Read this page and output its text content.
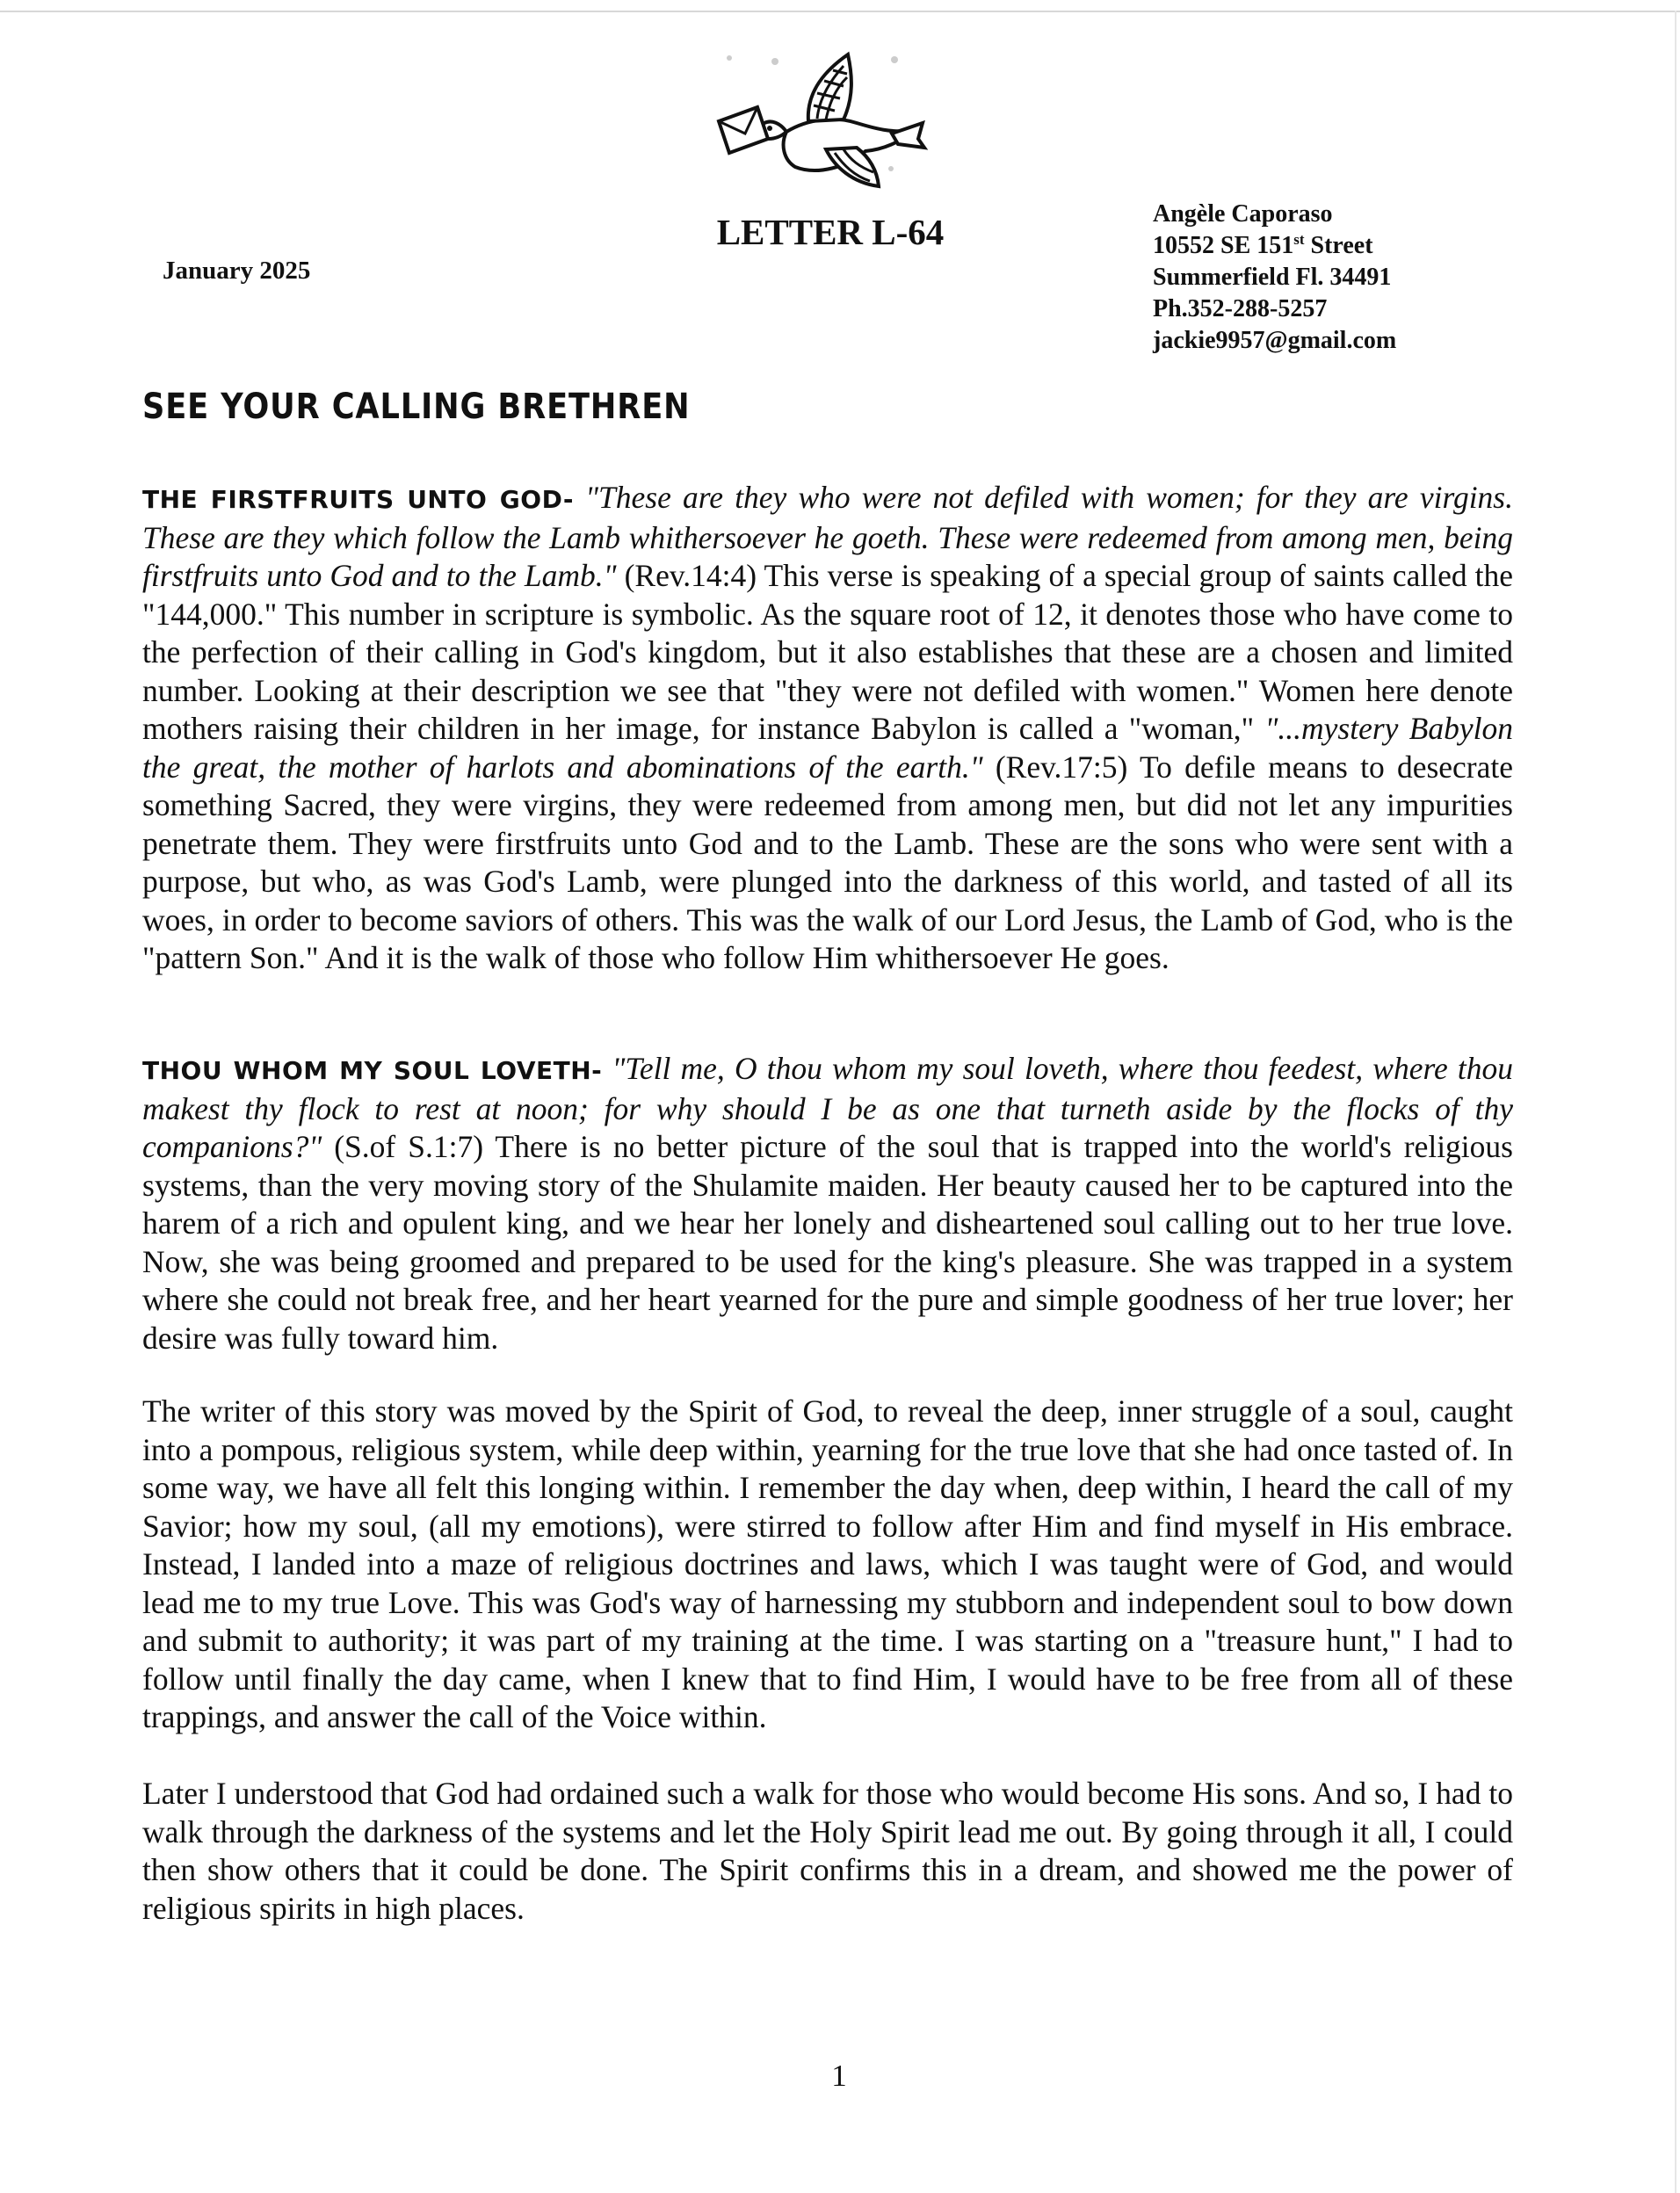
LETTER L-64
January 2025
Angèle Caporaso
10552 SE 151st Street
Summerfield Fl. 34491
Ph.352-288-5257
jackie9957@gmail.com
SEE YOUR CALLING BRETHREN
THE FIRSTFRUITS UNTO GOD- "These are they who were not defiled with women; for they are virgins. These are they which follow the Lamb whithersoever he goeth. These were redeemed from among men, being firstfruits unto God and to the Lamb." (Rev.14:4) This verse is speaking of a special group of saints called the "144,000." This number in scripture is symbolic. As the square root of 12, it denotes those who have come to the perfection of their calling in God's kingdom, but it also establishes that these are a chosen and limited number. Looking at their description we see that "they were not defiled with women." Women here denote mothers raising their children in her image, for instance Babylon is called a "woman," "...mystery Babylon the great, the mother of harlots and abominations of the earth." (Rev.17:5) To defile means to desecrate something Sacred, they were virgins, they were redeemed from among men, but did not let any impurities penetrate them. They were firstfruits unto God and to the Lamb. These are the sons who were sent with a purpose, but who, as was God's Lamb, were plunged into the darkness of this world, and tasted of all its woes, in order to become saviors of others. This was the walk of our Lord Jesus, the Lamb of God, who is the "pattern Son." And it is the walk of those who follow Him whithersoever He goes.
THOU WHOM MY SOUL LOVETH- "Tell me, O thou whom my soul loveth, where thou feedest, where thou makest thy flock to rest at noon; for why should I be as one that turneth aside by the flocks of thy companions?" (S.of S.1:7) There is no better picture of the soul that is trapped into the world's religious systems, than the very moving story of the Shulamite maiden. Her beauty caused her to be captured into the harem of a rich and opulent king, and we hear her lonely and disheartened soul calling out to her true love. Now, she was being groomed and prepared to be used for the king's pleasure. She was trapped in a system where she could not break free, and her heart yearned for the pure and simple goodness of her true lover; her desire was fully toward him.
The writer of this story was moved by the Spirit of God, to reveal the deep, inner struggle of a soul, caught into a pompous, religious system, while deep within, yearning for the true love that she had once tasted of. In some way, we have all felt this longing within. I remember the day when, deep within, I heard the call of my Savior; how my soul, (all my emotions), were stirred to follow after Him and find myself in His embrace. Instead, I landed into a maze of religious doctrines and laws, which I was taught were of God, and would lead me to my true Love. This was God's way of harnessing my stubborn and independent soul to bow down and submit to authority; it was part of my training at the time. I was starting on a "treasure hunt," I had to follow until finally the day came, when I knew that to find Him, I would have to be free from all of these trappings, and answer the call of the Voice within.
Later I understood that God had ordained such a walk for those who would become His sons. And so, I had to walk through the darkness of the systems and let the Holy Spirit lead me out. By going through it all, I could then show others that it could be done. The Spirit confirms this in a dream, and showed me the power of religious spirits in high places.
1
